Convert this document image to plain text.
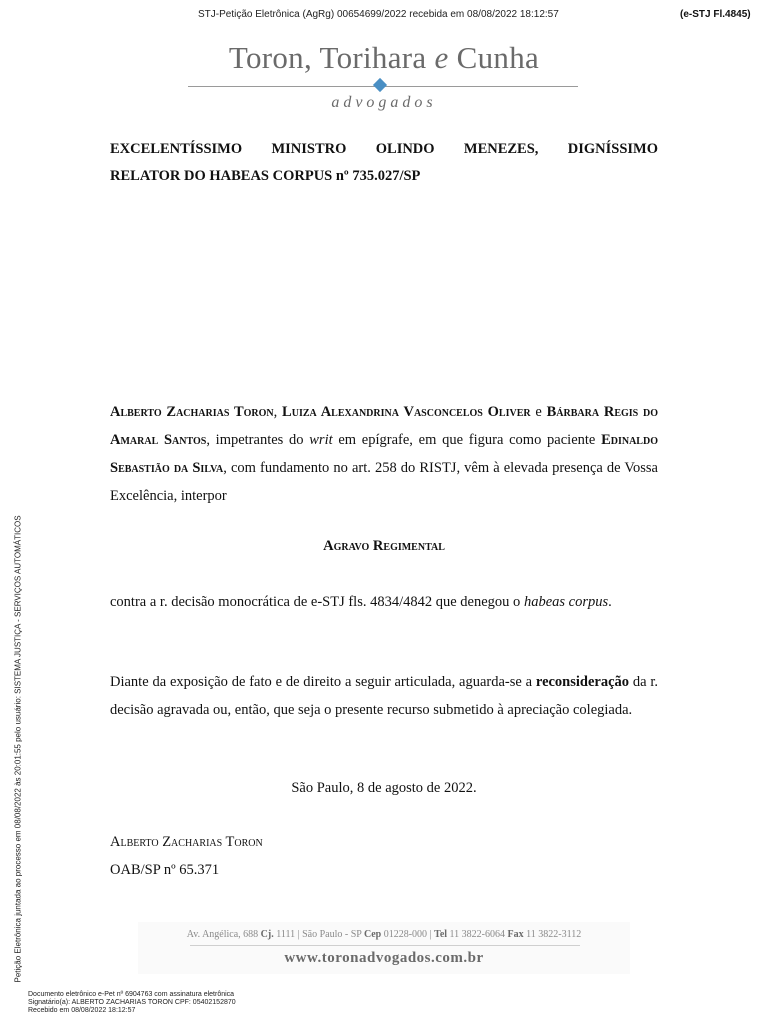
STJ-Petição Eletrônica (AgRg) 00654699/2022 recebida em 08/08/2022 18:12:57	(e-STJ Fl.4845)
Toron, Torihara e Cunha
advogados

EXCELENTÍSSIMO MINISTRO OLINDO MENEZES, DIGNÍSSIMO

RELATOR DO HABEAS CORPUS nº 735.027/SP

Alberto Zacharias Toron, Luiza Alexandrina Vasconcelos Oliver e Bárbara Regis do Amaral Santos, impetrantes do writ em epígrafe, em que figura como paciente Edinaldo Sebastião da Silva, com fundamento no art. 258 do RISTJ, vêm à elevada presença de Vossa Excelência, interpor

Agravo Regimental

contra a r. decisão monocrática de e-STJ fls. 4834/4842 que denegou o habeas corpus.

Diante da exposição de fato e de direito a seguir articulada, aguarda-se a reconsideração da r. decisão agravada ou, então, que seja o presente recurso submetido à apreciação colegiada.

São Paulo, 8 de agosto de 2022.
Alberto Zacharias Toron
OAB/SP nº 65.371
Av. Angélica, 688 Cj. 1111 | São Paulo - SP Cep 01228-000 | Tel 11 3822-6064 Fax 11 3822-3112
www.toronadvogados.com.br
Petição Eletrônica juntada ao processo em 08/08/2022 às 20:01:55 pelo usuário: SISTEMA JUSTIÇA - SERVIÇOS AUTOMÁTICOS
Documento eletrônico e-Pet nº 6904763 com assinatura eletrônica
Signatário(a): ALBERTO ZACHARIAS TORON CPF: 05402152870
Recebido em 08/08/2022 18:12:57
